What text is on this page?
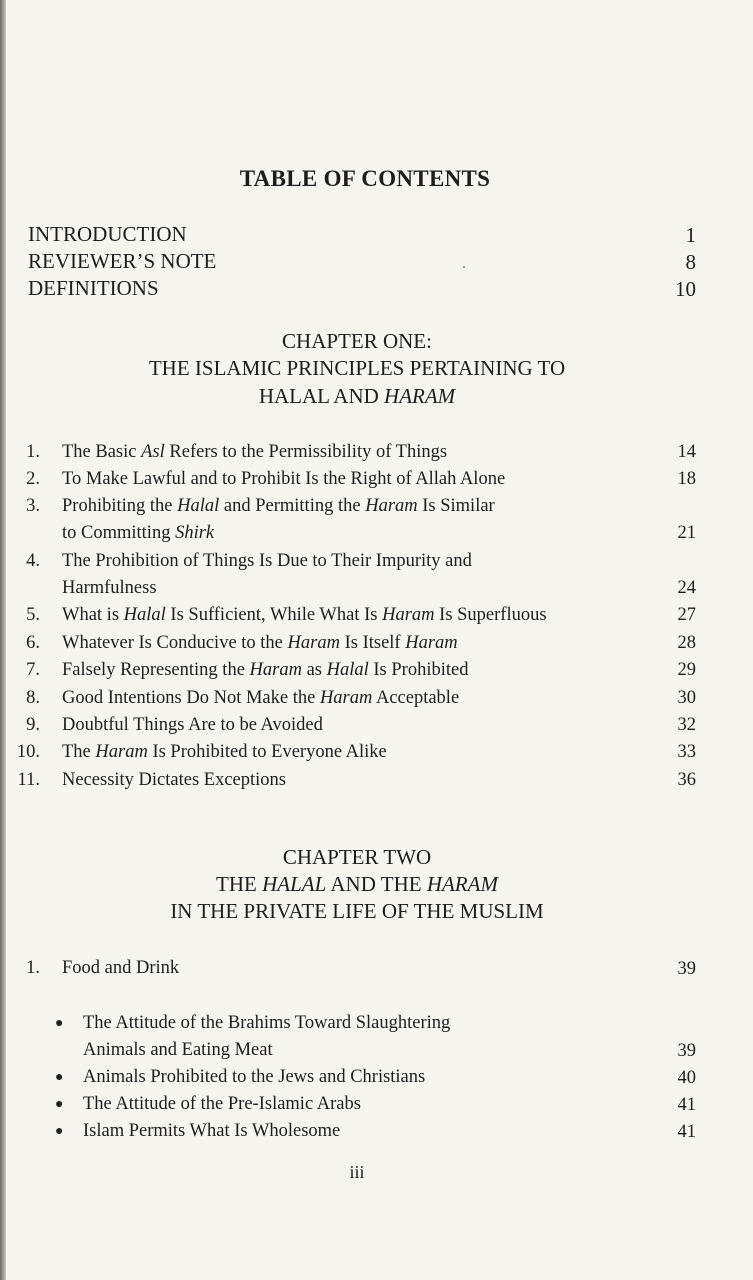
TABLE OF CONTENTS
INTRODUCTION	1
REVIEWER’S NOTE	8
DEFINITIONS	10
CHAPTER ONE:
THE ISLAMIC PRINCIPLES PERTAINING TO
HALAL AND HARAM
1. The Basic Asl Refers to the Permissibility of Things	14
2. To Make Lawful and to Prohibit Is the Right of Allah Alone	18
3. Prohibiting the Halal and Permitting the Haram Is Similar
to Committing Shirk	21
4. The Prohibition of Things Is Due to Their Impurity and
Harmfulness	24
5. What is Halal Is Sufficient, While What Is Haram Is Superfluous	27
6. Whatever Is Conducive to the Haram Is Itself Haram	28
7. Falsely Representing the Haram as Halal Is Prohibited	29
8. Good Intentions Do Not Make the Haram Acceptable	30
9. Doubtful Things Are to be Avoided	32
10. The Haram Is Prohibited to Everyone Alike	33
11. Necessity Dictates Exceptions	36
CHAPTER TWO
THE HALAL AND THE HARAM
IN THE PRIVATE LIFE OF THE MUSLIM
1. Food and Drink	39
● The Attitude of the Brahims Toward Slaughtering
Animals and Eating Meat	39
● Animals Prohibited to the Jews and Christians	40
● The Attitude of the Pre-Islamic Arabs	41
● Islam Permits What Is Wholesome	41
iii
